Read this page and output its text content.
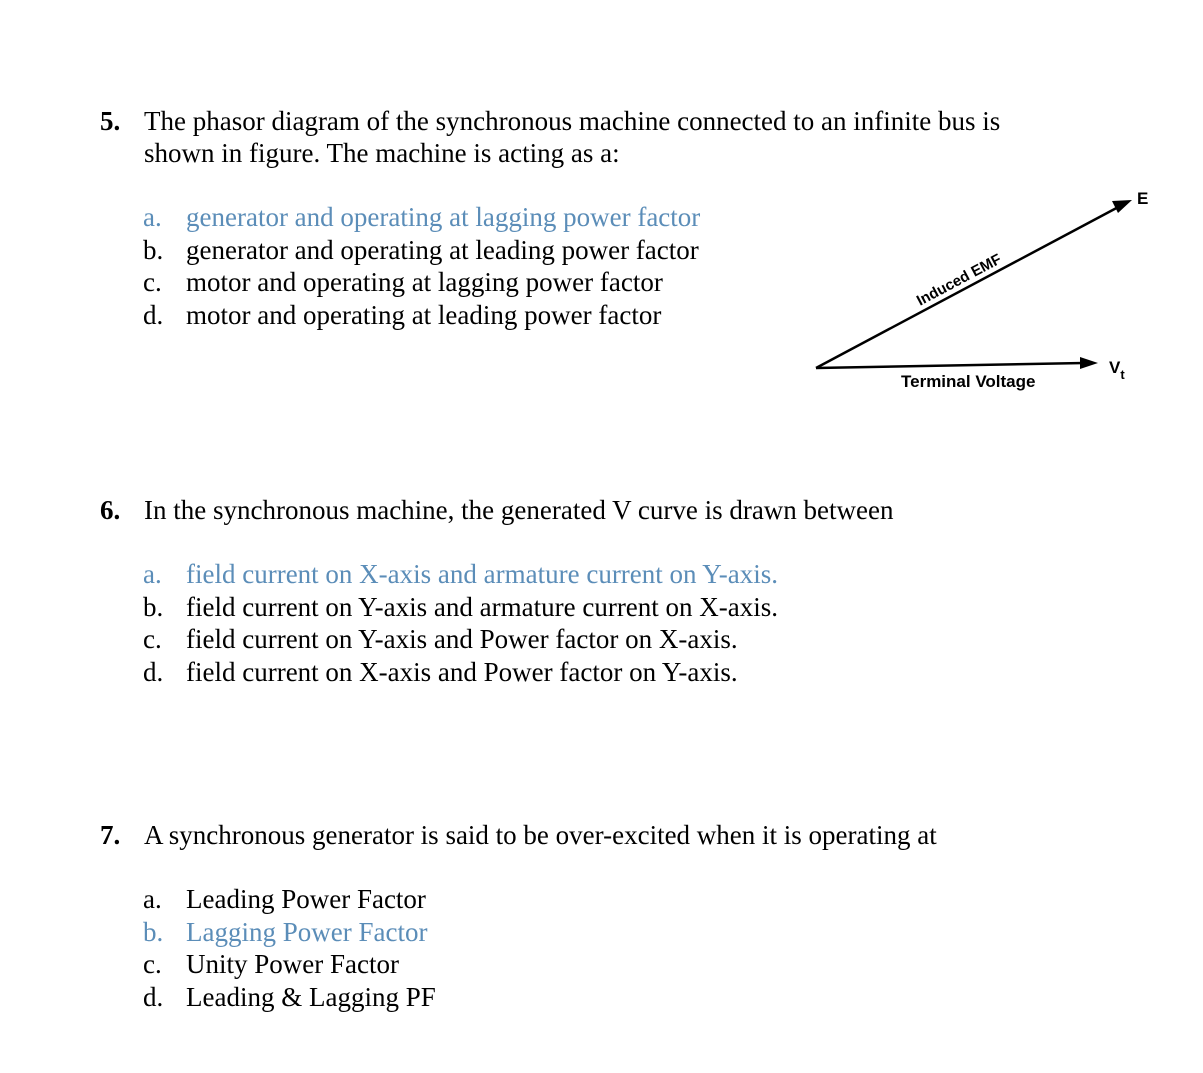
5. The phasor diagram of the synchronous machine connected to an infinite bus is shown in figure. The machine is acting as a:
a. generator and operating at lagging power factor
b. generator and operating at leading power factor
c. motor and operating at lagging power factor
d. motor and operating at leading power factor
Induced EMF
E
Terminal Voltage
$V_t$
6. In the synchronous machine, the generated V curve is drawn between
a. field current on X-axis and armature current on Y-axis.
b. field current on Y-axis and armature current on X-axis.
c. field current on Y-axis and Power factor on X-axis.
d. field current on X-axis and Power factor on Y-axis.
7. A synchronous generator is said to be over-excited when it is operating at
a. Leading Power Factor
b. Lagging Power Factor
c. Unity Power Factor
d. Leading & Lagging PF
